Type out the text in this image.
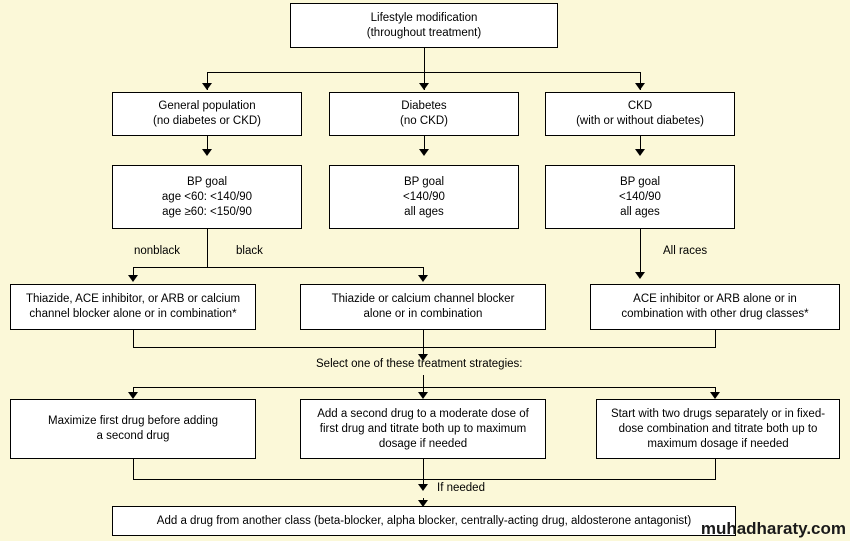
Lifestyle modification
(throughout treatment)
General population
(no diabetes or CKD)
Diabetes
(no CKD)
CKD
(with or without diabetes)
BP goal
age <60: <140/90
age ≥60: <150/90
BP goal
<140/90
all ages
BP goal
<140/90
all ages
nonblack	black	All races
Thiazide, ACE inhibitor, or ARB or calcium
channel blocker alone or in combination*
Thiazide or calcium channel blocker
alone or in combination
ACE inhibitor or ARB alone or in
combination with other drug classes*
Select one of these treatment strategies:
Maximize first drug before adding
a second drug
Add a second drug to a moderate dose of
first drug and titrate both up to maximum
dosage if needed
Start with two drugs separately or in fixed-
dose combination and titrate both up to
maximum dosage if needed
If needed
Add a drug from another class (beta-blocker, alpha blocker, centrally-acting drug, aldosterone antagonist) muhadharaty.com
